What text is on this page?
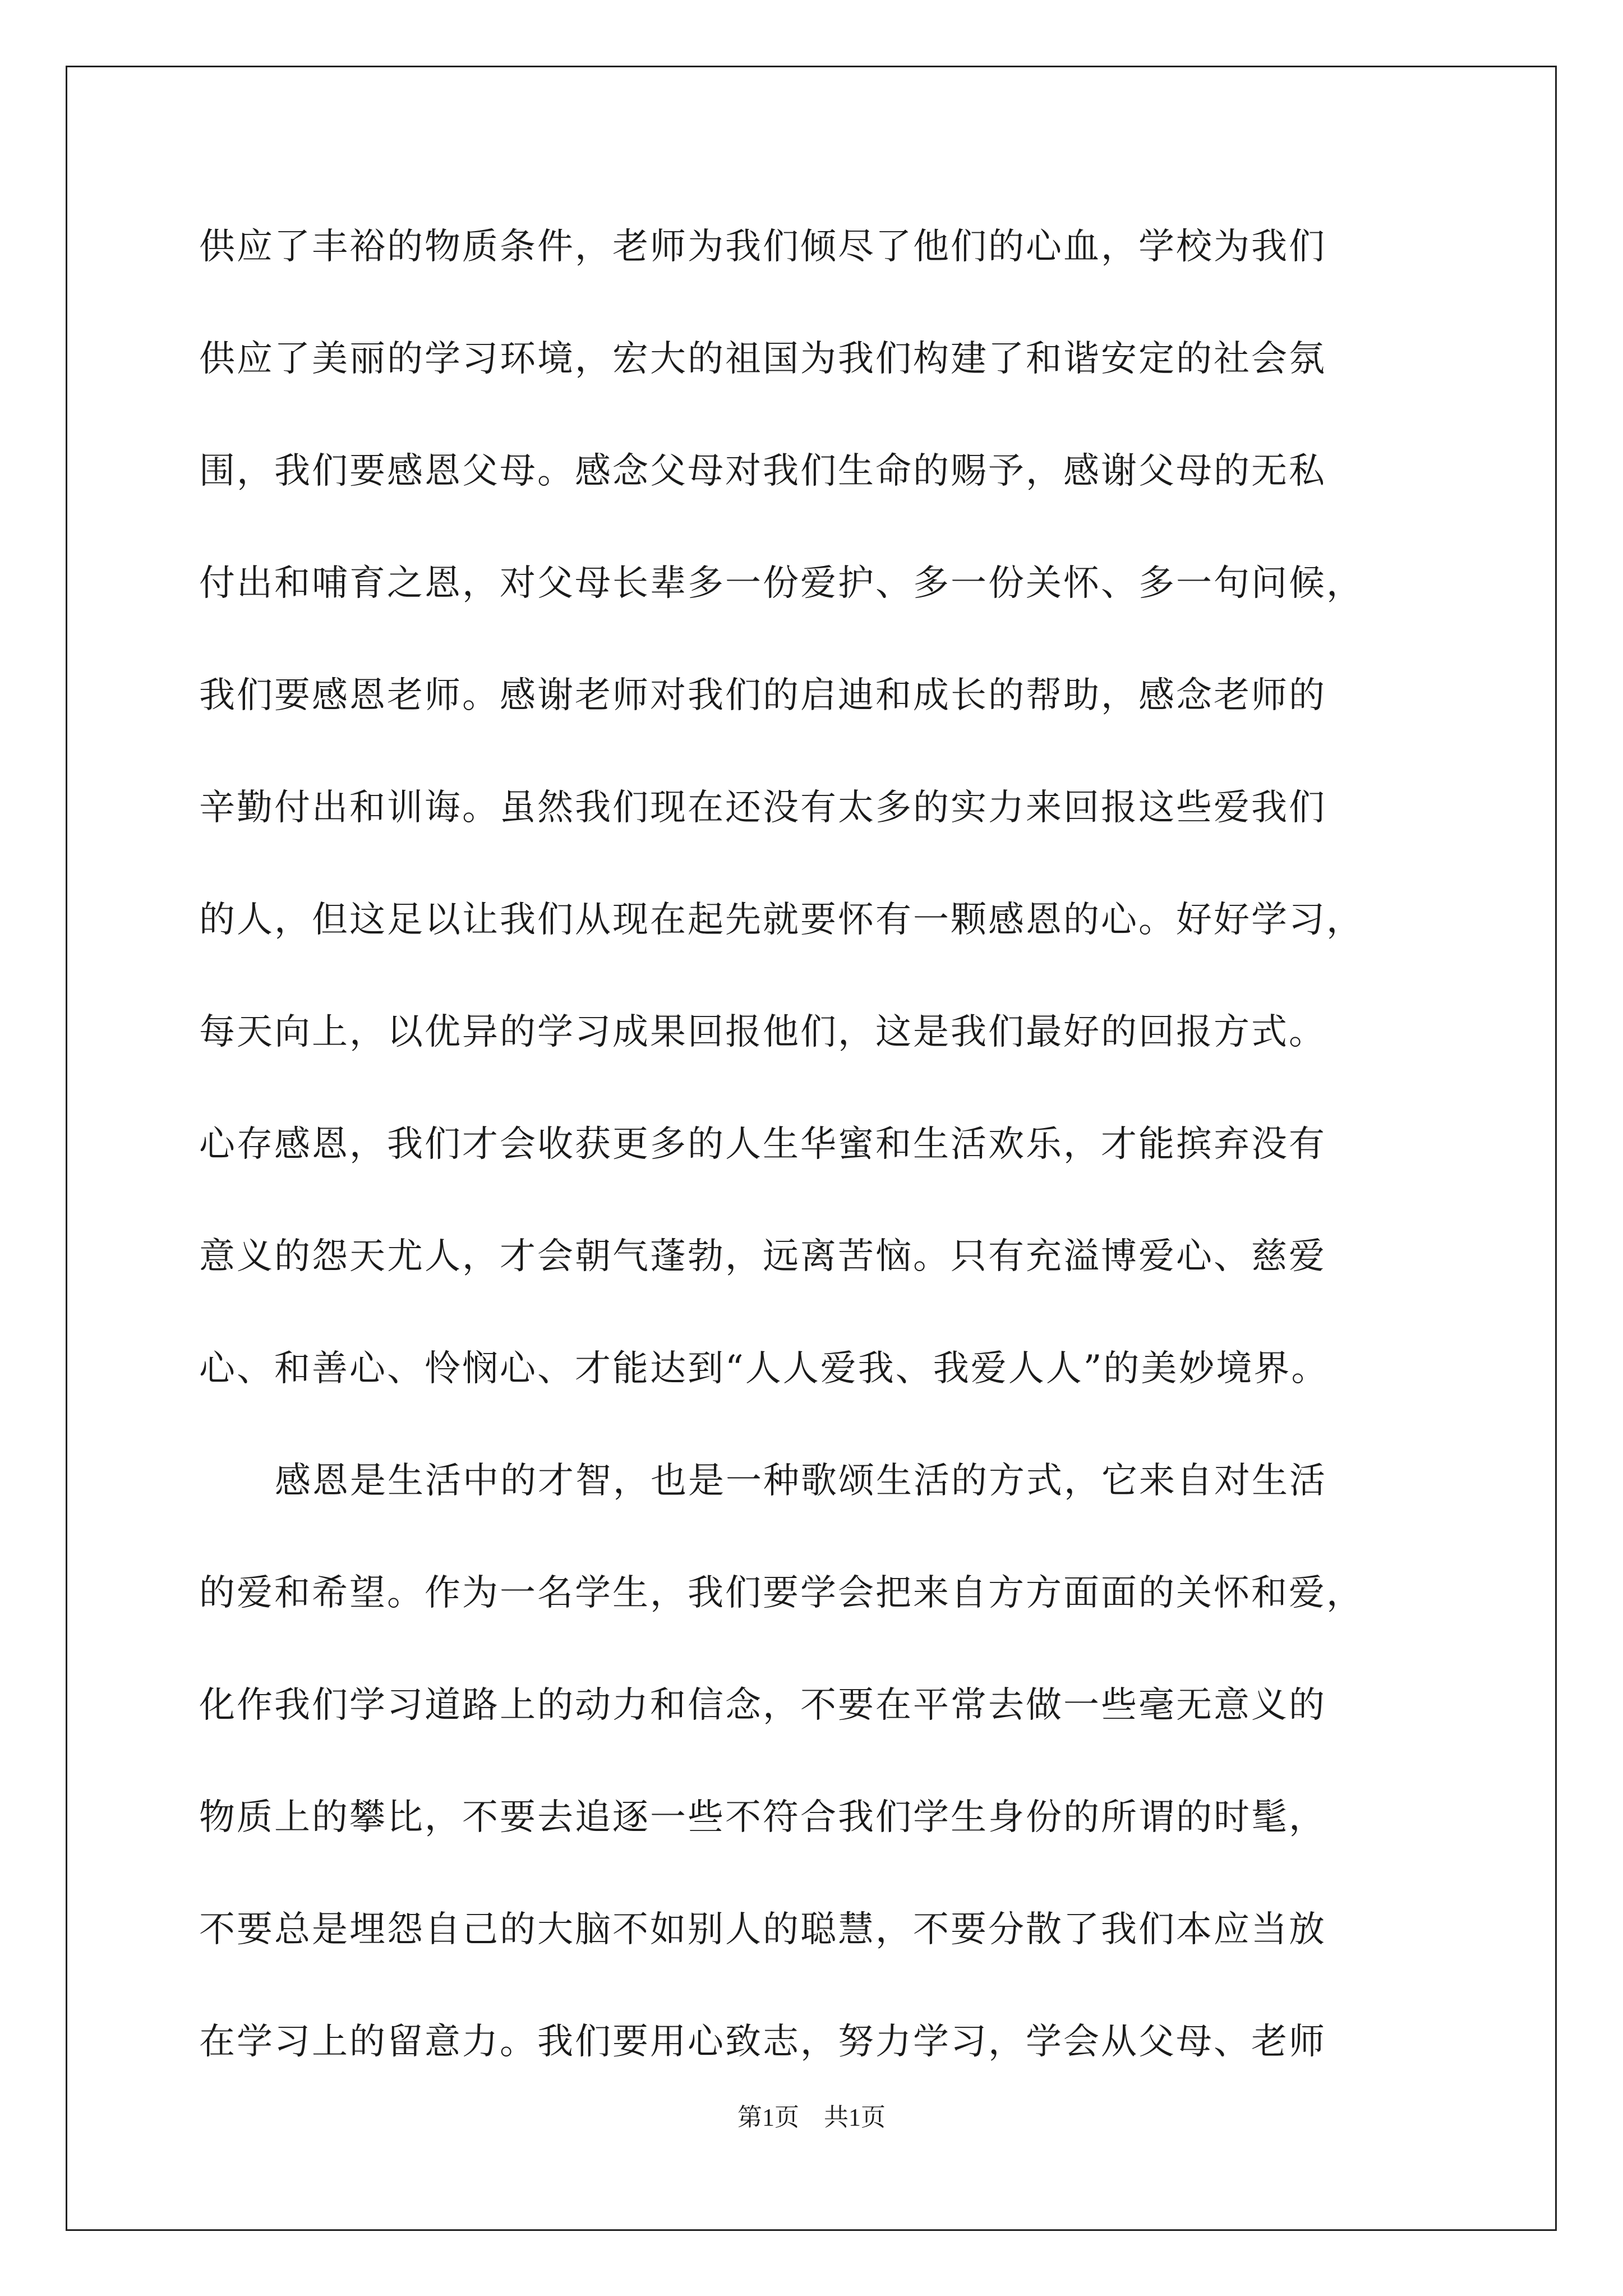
供应了丰裕的物质条件，老师为我们倾尽了他们的心血，学校为我们
供应了美丽的学习环境，宏大的祖国为我们构建了和谐安定的社会氛
围，我们要感恩父母。感念父母对我们生命的赐予，感谢父母的无私
付出和哺育之恩，对父母长辈多一份爱护、多一份关怀、多一句问候，
我们要感恩老师。感谢老师对我们的启迪和成长的帮助，感念老师的
辛勤付出和训诲。虽然我们现在还没有太多的实力来回报这些爱我们
的人，但这足以让我们从现在起先就要怀有一颗感恩的心。好好学习，
每天向上，以优异的学习成果回报他们，这是我们最好的回报方式。
心存感恩，我们才会收获更多的人生华蜜和生活欢乐，才能摈弃没有
意义的怨天尤人，才会朝气蓬勃，远离苦恼。只有充溢博爱心、慈爱
心、和善心、怜悯心、才能达到“人人爱我、我爱人人”的美妙境界。
感恩是生活中的才智，也是一种歌颂生活的方式，它来自对生活
的爱和希望。作为一名学生，我们要学会把来自方方面面的关怀和爱，
化作我们学习道路上的动力和信念，不要在平常去做一些毫无意义的
物质上的攀比，不要去追逐一些不符合我们学生身份的所谓的时髦，
不要总是埋怨自己的大脑不如别人的聪慧，不要分散了我们本应当放
在学习上的留意力。我们要用心致志，努力学习，学会从父母、老师
第1页　共1页
